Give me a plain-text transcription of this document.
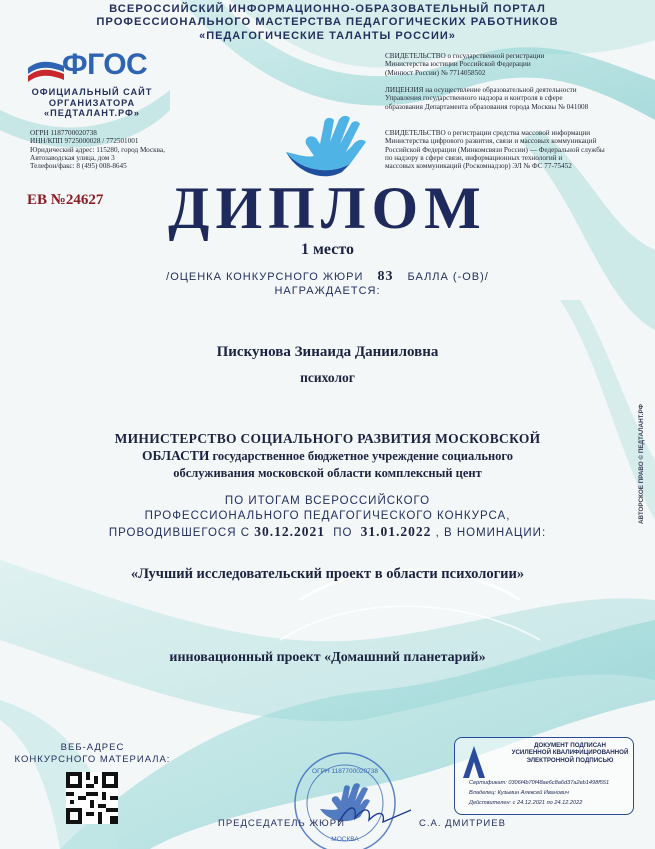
ВСЕРОССИЙСКИЙ ИНФОРМАЦИОННО-ОБРАЗОВАТЕЛЬНЫЙ ПОРТАЛ
ПРОФЕССИОНАЛЬНОГО МАСТЕРСТВА ПЕДАГОГИЧЕСКИХ РАБОТНИКОВ
«ПЕДАГОГИЧЕСКИЕ ТАЛАНТЫ РОССИИ»
ФГОС
ОФИЦИАЛЬНЫЙ САЙТ
ОРГАНИЗАТОРА
«ПЕДТАЛАНТ.РФ»
ОГРН 1187700020738
ИНН/КПП 9725000028 / 772501001
Юридический адрес: 115280, город Москва,
Автозаводская улица, дом 3
Телефон/факс: 8 (495) 008-8645
ЕВ №24627
СВИДЕТЕЛЬСТВО о государственной регистрации
Министерства юстиции Российской Федерации
(Минюст России) № 7714058502
ЛИЦЕНЗИЯ на осуществление образовательной деятельности
Управления государственного надзора и контроля в сфере
образования Департамента образования города Москвы № 041008
СВИДЕТЕЛЬСТВО о регистрации средства массовой информации
Министерства цифрового развития, связи и массовых коммуникаций
Российской Федерации (Минкомсвязи России) — Федеральной службы
по надзору в сфере связи, информационных технологий и
массовых коммуникаций (Роскомнадзор) ЭЛ № ФС 77-75452
ДИПЛОМ
1 место
/ОЦЕНКА КОНКУРСНОГО ЖЮРИ 83 БАЛЛА (-ОВ)/
НАГРАЖДАЕТСЯ:
Пискунова Зинаида Данииловна
психолог
МИНИСТЕРСТВО СОЦИАЛЬНОГО РАЗВИТИЯ МОСКОВСКОЙ
ОБЛАСТИ государственное бюджетное учреждение социального
обслуживания московской области комплексный цент
ПО ИТОГАМ ВСЕРОССИЙСКОГО
ПРОФЕССИОНАЛЬНОГО ПЕДАГОГИЧЕСКОГО КОНКУРСА,
ПРОВОДИВШЕГОСЯ С 30.12.2021 ПО 31.01.2022 , В НОМИНАЦИИ:
«Лучший исследовательский проект в области психологии»
инновационный проект «Домашний планетарий»
ВЕБ-АДРЕС
КОНКУРСНОГО МАТЕРИАЛА:
ОГРН 1187700020738
МОСКВА
ПРЕДСЕДАТЕЛЬ ЖЮРИ	С.А. ДМИТРИЕВ
ДОКУМЕНТ ПОДПИСАН
УСИЛЕННОЙ КВАЛИФИЦИРОВАННОЙ
ЭЛЕКТРОННОЙ ПОДПИСЬЮ
Сертификат: 0306f4b70f48ae6c8a6d37a2eb1498f551
Владелец: Кузьмин Алексей Иванович
Действителен: с 24.12.2021 по 24.12.2022
АВТОРСКОЕ ПРАВО © ПЕДТАЛАНТ.РФ
